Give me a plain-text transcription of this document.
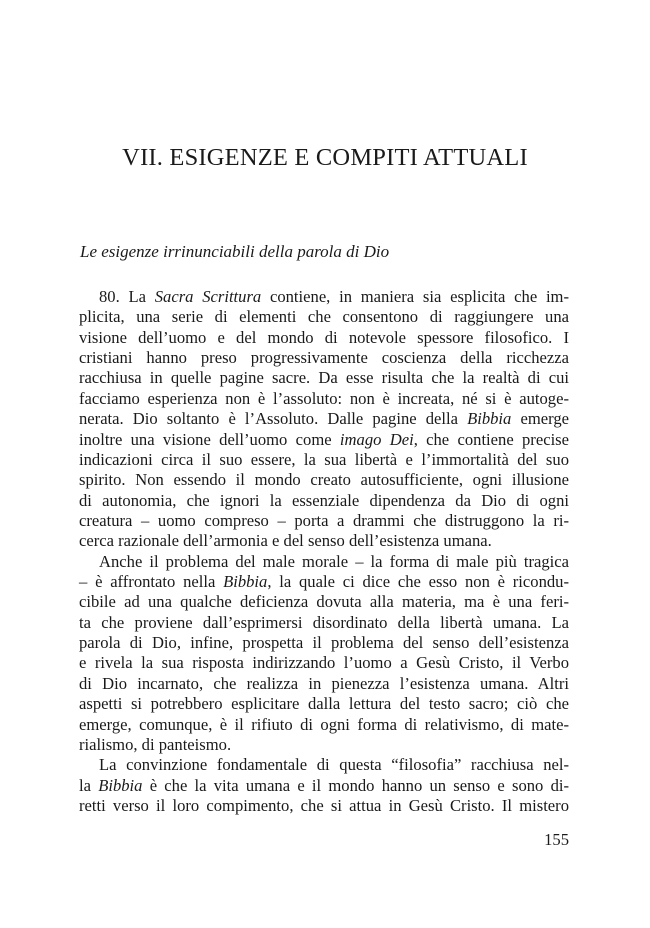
VII. ESIGENZE E COMPITI ATTUALI
Le esigenze irrinunciabili della parola di Dio
80. La Sacra Scrittura contiene, in maniera sia esplicita che im-
plicita, una serie di elementi che consentono di raggiungere una
visione dell’uomo e del mondo di notevole spessore filosofico. I
cristiani hanno preso progressivamente coscienza della ricchezza
racchiusa in quelle pagine sacre. Da esse risulta che la realtà di cui
facciamo esperienza non è l’assoluto: non è increata, né si è autoge-
nerata. Dio soltanto è l’Assoluto. Dalle pagine della Bibbia emerge
inoltre una visione dell’uomo come imago Dei, che contiene precise
indicazioni circa il suo essere, la sua libertà e l’immortalità del suo
spirito. Non essendo il mondo creato autosufficiente, ogni illusione
di autonomia, che ignori la essenziale dipendenza da Dio di ogni
creatura – uomo compreso – porta a drammi che distruggono la ri-
cerca razionale dell’armonia e del senso dell’esistenza umana.
Anche il problema del male morale – la forma di male più tragica
– è affrontato nella Bibbia, la quale ci dice che esso non è ricondu-
cibile ad una qualche deficienza dovuta alla materia, ma è una feri-
ta che proviene dall’esprimersi disordinato della libertà umana. La
parola di Dio, infine, prospetta il problema del senso dell’esistenza
e rivela la sua risposta indirizzando l’uomo a Gesù Cristo, il Verbo
di Dio incarnato, che realizza in pienezza l’esistenza umana. Altri
aspetti si potrebbero esplicitare dalla lettura del testo sacro; ciò che
emerge, comunque, è il rifiuto di ogni forma di relativismo, di mate-
rialismo, di panteismo.
La convinzione fondamentale di questa “filosofia” racchiusa nel-
la Bibbia è che la vita umana e il mondo hanno un senso e sono di-
retti verso il loro compimento, che si attua in Gesù Cristo. Il mistero
155
